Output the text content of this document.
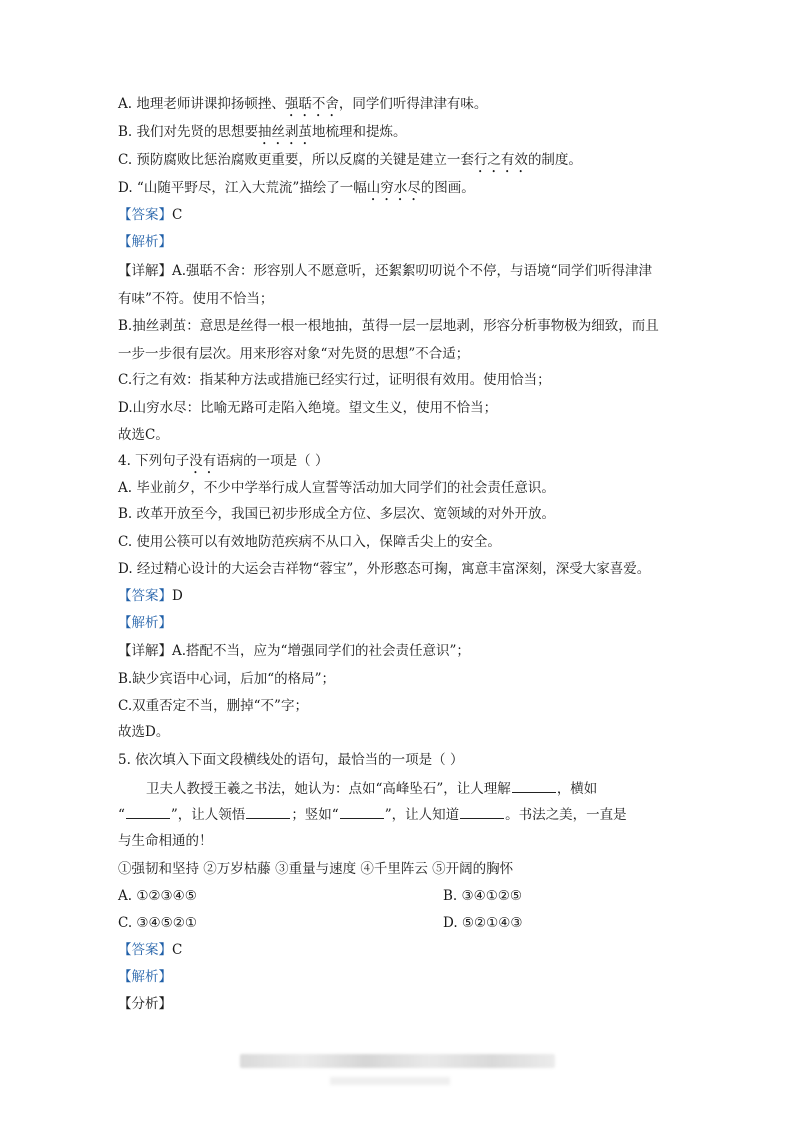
A. 地理老师讲课抑扬顿挫、强聒不舍，同学们听得津津有味。
B. 我们对先贤的思想要抽丝剥茧地梳理和提炼。
C. 预防腐败比惩治腐败更重要，所以反腐的关键是建立一套行之有效的制度。
D. “山随平野尽，江入大荒流”描绘了一幅山穷水尽的图画。
【答案】C
【解析】
【详解】A.强聒不舍：形容别人不愿意听，还絮絮叨叨说个不停，与语境“同学们听得津津
有味”不符。使用不恰当；
B.抽丝剥茧：意思是丝得一根一根地抽，茧得一层一层地剥，形容分析事物极为细致，而且
一步一步很有层次。用来形容对象“对先贤的思想”不合适；
C.行之有效：指某种方法或措施已经实行过，证明很有效用。使用恰当；
D.山穷水尽：比喻无路可走陷入绝境。望文生义，使用不恰当；
故选C。
4. 下列句子没有语病的一项是（ ）
A. 毕业前夕，不少中学举行成人宣誓等活动加大同学们的社会责任意识。
B. 改革开放至今，我国已初步形成全方位、多层次、宽领域的对外开放。
C. 使用公筷可以有效地防范疾病不从口入，保障舌尖上的安全。
D. 经过精心设计的大运会吉祥物“蓉宝”，外形憨态可掬，寓意丰富深刻，深受大家喜爱。
【答案】D
【解析】
【详解】A.搭配不当，应为“增强同学们的社会责任意识”；
B.缺少宾语中心词，后加“的格局”；
C.双重否定不当，删掉“不”字；
故选D。
5. 依次填入下面文段横线处的语句，最恰当的一项是（ ）
卫夫人教授王羲之书法，她认为：点如“高峰坠石”，让人理解	，横如
“	”，让人领悟	；竖如“	”，让人知道	。书法之美，一直是
与生命相通的！
①强韧和坚持 ②万岁枯藤 ③重量与速度 ④千里阵云 ⑤开阔的胸怀
A. ①②③④⑤	B. ③④①②⑤
C. ③④⑤②①	D. ⑤②①④③
【答案】C
【解析】
【分析】
